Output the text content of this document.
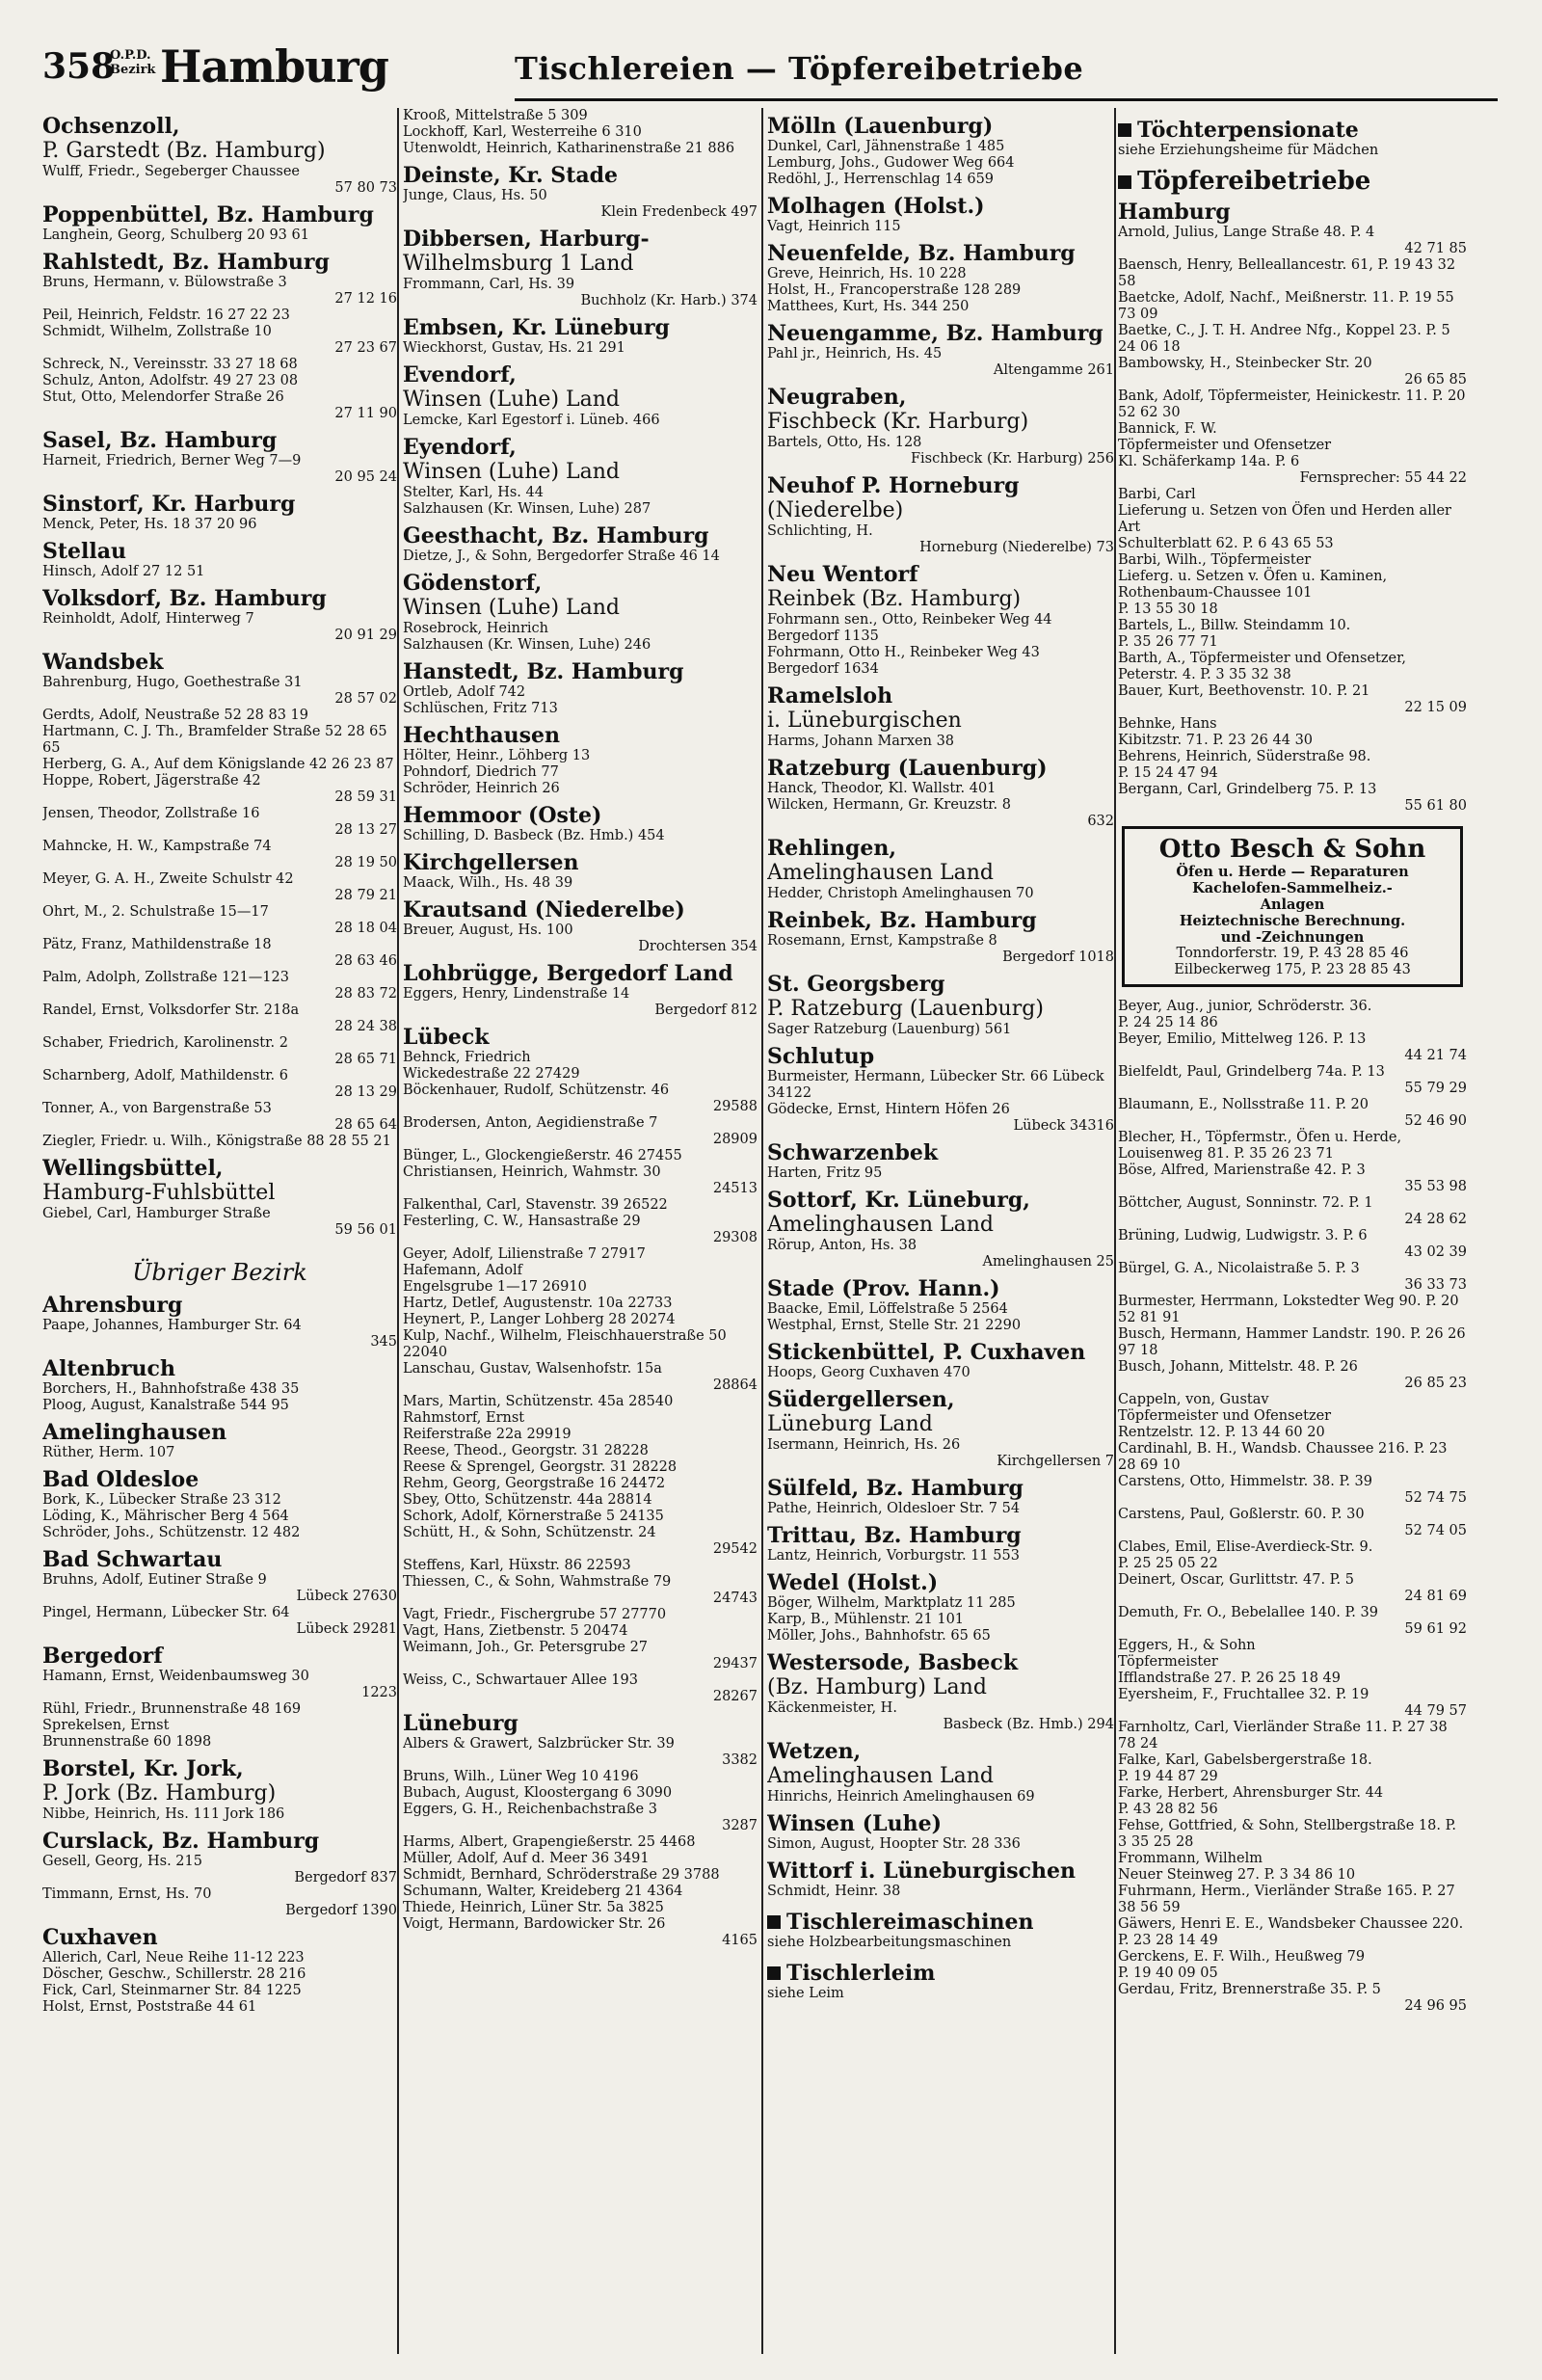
358
O.P.D.
Bezirk Hamburg	Tischlereien — Töpfereibetriebe
Ochsenzoll,
P. Garstedt (Bz. Hamburg)
Wulff, Friedr., Segeberger Chaussee
57 80 73
Poppenbüttel, Bz. Hamburg
Langhein, Georg, Schulberg 20 93 61
Rahlstedt, Bz. Hamburg
Bruns, Hermann, v. Bülowstraße 3
27 12 16
Peil, Heinrich, Feldstr. 16 27 22 23
Schmidt, Wilhelm, Zollstraße 10
27 23 67
Schreck, N., Vereinsstr. 33 27 18 68
Schulz, Anton, Adolfstr. 49 27 23 08
Stut, Otto, Melendorfer Straße 26
27 11 90
Sasel, Bz. Hamburg
Harneit, Friedrich, Berner Weg 7—9
20 95 24
Sinstorf, Kr. Harburg
Menck, Peter, Hs. 18 37 20 96
Stellau
Hinsch, Adolf 27 12 51
Volksdorf, Bz. Hamburg
Reinholdt, Adolf, Hinterweg 7
20 91 29
Wandsbek
Bahrenburg, Hugo, Goethestraße 31
28 57 02
Gerdts, Adolf, Neustraße 52 28 83 19
Hartmann, C. J. Th., Bramfelder Straße 52 28 65 65
Herberg, G. A., Auf dem Königslande 42 26 23 87
Hoppe, Robert, Jägerstraße 42
28 59 31
Jensen, Theodor, Zollstraße 16
28 13 27
Mahncke, H. W., Kampstraße 74
28 19 50
Meyer, G. A. H., Zweite Schulstr 42
28 79 21
Ohrt, M., 2. Schulstraße 15—17
28 18 04
Pätz, Franz, Mathildenstraße 18
28 63 46
Palm, Adolph, Zollstraße 121—123
28 83 72
Randel, Ernst, Volksdorfer Str. 218a
28 24 38
Schaber, Friedrich, Karolinenstr. 2
28 65 71
Scharnberg, Adolf, Mathildenstr. 6
28 13 29
Tonner, A., von Bargenstraße 53
28 65 64
Ziegler, Friedr. u. Wilh., Königstraße 88 28 55 21
Wellingsbüttel,
Hamburg-Fuhlsbüttel
Giebel, Carl, Hamburger Straße
59 56 01
Übriger Bezirk
Ahrensburg
Paape, Johannes, Hamburger Str. 64
345
Altenbruch
Borchers, H., Bahnhofstraße 438 35
Ploog, August, Kanalstraße 544 95
Amelinghausen
Rüther, Herm. 107
Bad Oldesloe
Bork, K., Lübecker Straße 23 312
Löding, K., Mährischer Berg 4 564
Schröder, Johs., Schützenstr. 12 482
Bad Schwartau
Bruhns, Adolf, Eutiner Straße 9
Lübeck 27630
Pingel, Hermann, Lübecker Str. 64
Lübeck 29281
Bergedorf
Hamann, Ernst, Weidenbaumsweg 30
1223
Rühl, Friedr., Brunnenstraße 48 169
Sprekelsen, Ernst
Brunnenstraße 60 1898
Borstel, Kr. Jork,
P. Jork (Bz. Hamburg)
Nibbe, Heinrich, Hs. 111 Jork 186
Curslack, Bz. Hamburg
Gesell, Georg, Hs. 215
Bergedorf 837
Timmann, Ernst, Hs. 70
Bergedorf 1390
Cuxhaven
Allerich, Carl, Neue Reihe 11-12 223
Döscher, Geschw., Schillerstr. 28 216
Fick, Carl, Steinmarner Str. 84 1225
Holst, Ernst, Poststraße 44 61
Krooß, Mittelstraße 5 309
Lockhoff, Karl, Westerreihe 6 310
Utenwoldt, Heinrich, Katharinenstraße 21 886
Deinste, Kr. Stade
Junge, Claus, Hs. 50
Klein Fredenbeck 497
Dibbersen, Harburg-
Wilhelmsburg 1 Land
Frommann, Carl, Hs. 39
Buchholz (Kr. Harb.) 374
Embsen, Kr. Lüneburg
Wieckhorst, Gustav, Hs. 21 291
Evendorf,
Winsen (Luhe) Land
Lemcke, Karl Egestorf i. Lüneb. 466
Eyendorf,
Winsen (Luhe) Land
Stelter, Karl, Hs. 44
Salzhausen (Kr. Winsen, Luhe) 287
Geesthacht, Bz. Hamburg
Dietze, J., & Sohn, Bergedorfer Straße 46 14
Gödenstorf,
Winsen (Luhe) Land
Rosebrock, Heinrich
Salzhausen (Kr. Winsen, Luhe) 246
Hanstedt, Bz. Hamburg
Ortleb, Adolf 742
Schlüschen, Fritz 713
Hechthausen
Hölter, Heinr., Löhberg 13
Pohndorf, Diedrich 77
Schröder, Heinrich 26
Hemmoor (Oste)
Schilling, D. Basbeck (Bz. Hmb.) 454
Kirchgellersen
Maack, Wilh., Hs. 48 39
Krautsand (Niederelbe)
Breuer, August, Hs. 100
Drochtersen 354
Lohbrügge, Bergedorf Land
Eggers, Henry, Lindenstraße 14
Bergedorf 812
Lübeck
Behnck, Friedrich
Wickedestraße 22 27429
Böckenhauer, Rudolf, Schützenstr. 46
29588
Brodersen, Anton, Aegidienstraße 7
28909
Bünger, L., Glockengießerstr. 46 27455
Christiansen, Heinrich, Wahmstr. 30
24513
Falkenthal, Carl, Stavenstr. 39 26522
Festerling, C. W., Hansastraße 29
29308
Geyer, Adolf, Lilienstraße 7 27917
Hafemann, Adolf
Engelsgrube 1—17 26910
Hartz, Detlef, Augustenstr. 10a 22733
Heynert, P., Langer Lohberg 28 20274
Kulp, Nachf., Wilhelm, Fleischhauerstraße 50 22040
Lanschau, Gustav, Walsenhofstr. 15a
28864
Mars, Martin, Schützenstr. 45a 28540
Rahmstorf, Ernst
Reiferstraße 22a 29919
Reese, Theod., Georgstr. 31 28228
Reese & Sprengel, Georgstr. 31 28228
Rehm, Georg, Georgstraße 16 24472
Sbey, Otto, Schützenstr. 44a 28814
Schork, Adolf, Körnerstraße 5 24135
Schütt, H., & Sohn, Schützenstr. 24
29542
Steffens, Karl, Hüxstr. 86 22593
Thiessen, C., & Sohn, Wahmstraße 79
24743
Vagt, Friedr., Fischergrube 57 27770
Vagt, Hans, Zietbenstr. 5 20474
Weimann, Joh., Gr. Petersgrube 27
29437
Weiss, C., Schwartauer Allee 193
28267
Lüneburg
Albers & Grawert, Salzbrücker Str. 39
3382
Bruns, Wilh., Lüner Weg 10 4196
Bubach, August, Kloostergang 6 3090
Eggers, G. H., Reichenbachstraße 3
3287
Harms, Albert, Grapengießerstr. 25 4468
Müller, Adolf, Auf d. Meer 36 3491
Schmidt, Bernhard, Schröderstraße 29 3788
Schumann, Walter, Kreideberg 21 4364
Thiede, Heinrich, Lüner Str. 5a 3825
Voigt, Hermann, Bardowicker Str. 26
4165
Mölln (Lauenburg)
Dunkel, Carl, Jähnenstraße 1 485
Lemburg, Johs., Gudower Weg 664
Redöhl, J., Herrenschlag 14 659
Molhagen (Holst.)
Vagt, Heinrich 115
Neuenfelde, Bz. Hamburg
Greve, Heinrich, Hs. 10 228
Holst, H., Francoperstraße 128 289
Matthees, Kurt, Hs. 344 250
Neuengamme, Bz. Hamburg
Pahl jr., Heinrich, Hs. 45
Altengamme 261
Neugraben,
Fischbeck (Kr. Harburg)
Bartels, Otto, Hs. 128
Fischbeck (Kr. Harburg) 256
Neuhof P. Horneburg
(Niederelbe)
Schlichting, H.
Horneburg (Niederelbe) 73
Neu Wentorf
Reinbek (Bz. Hamburg)
Fohrmann sen., Otto, Reinbeker Weg 44 Bergedorf 1135
Fohrmann, Otto H., Reinbeker Weg 43 Bergedorf 1634
Ramelsloh
i. Lüneburgischen
Harms, Johann Marxen 38
Ratzeburg (Lauenburg)
Hanck, Theodor, Kl. Wallstr. 401
Wilcken, Hermann, Gr. Kreuzstr. 8
632
Rehlingen,
Amelinghausen Land
Hedder, Christoph Amelinghausen 70
Reinbek, Bz. Hamburg
Rosemann, Ernst, Kampstraße 8
Bergedorf 1018
St. Georgsberg
P. Ratzeburg (Lauenburg)
Sager Ratzeburg (Lauenburg) 561
Schlutup
Burmeister, Hermann, Lübecker Str. 66 Lübeck 34122
Gödecke, Ernst, Hintern Höfen 26
Lübeck 34316
Schwarzenbek
Harten, Fritz 95
Sottorf, Kr. Lüneburg,
Amelinghausen Land
Rörup, Anton, Hs. 38
Amelinghausen 25
Stade (Prov. Hann.)
Baacke, Emil, Löffelstraße 5 2564
Westphal, Ernst, Stelle Str. 21 2290
Stickenbüttel, P. Cuxhaven
Hoops, Georg Cuxhaven 470
Südergellersen,
Lüneburg Land
Isermann, Heinrich, Hs. 26
Kirchgellersen 7
Sülfeld, Bz. Hamburg
Pathe, Heinrich, Oldesloer Str. 7 54
Trittau, Bz. Hamburg
Lantz, Heinrich, Vorburgstr. 11 553
Wedel (Holst.)
Böger, Wilhelm, Marktplatz 11 285
Karp, B., Mühlenstr. 21 101
Möller, Johs., Bahnhofstr. 65 65
Westersode, Basbeck
(Bz. Hamburg) Land
Käckenmeister, H.
Basbeck (Bz. Hmb.) 294
Wetzen,
Amelinghausen Land
Hinrichs, Heinrich Amelinghausen 69
Winsen (Luhe)
Simon, August, Hoopter Str. 28 336
Wittorf i. Lüneburgischen
Schmidt, Heinr. 38
Tischlereimaschinen
siehe Holzbearbeitungsmaschinen
Tischlerleim
siehe Leim
Töchterpensionate
siehe Erziehungsheime für Mädchen
Töpfereibetriebe
Hamburg
Arnold, Julius, Lange Straße 48. P. 4
42 71 85
Baensch, Henry, Belleallancestr. 61, P. 19 43 32 58
Baetcke, Adolf, Nachf., Meißnerstr. 11. P. 19 55 73 09
Baetke, C., J. T. H. Andree Nfg., Koppel 23. P. 5 24 06 18
Bambowsky, H., Steinbecker Str. 20
26 65 85
Bank, Adolf, Töpfermeister, Heinickestr. 11. P. 20 52 62 30
Bannick, F. W.
Töpfermeister und Ofensetzer
Kl. Schäferkamp 14a. P. 6
Fernsprecher: 55 44 22
Barbi, Carl
Lieferung u. Setzen von Öfen und Herden aller Art
Schulterblatt 62. P. 6 43 65 53
Barbi, Wilh., Töpfermeister
Lieferg. u. Setzen v. Öfen u. Kaminen, Rothenbaum-Chaussee 101
P. 13 55 30 18
Bartels, L., Billw. Steindamm 10.
P. 35 26 77 71
Barth, A., Töpfermeister und Ofensetzer, Peterstr. 4. P. 3 35 32 38
Bauer, Kurt, Beethovenstr. 10. P. 21
22 15 09
Behnke, Hans
Kibitzstr. 71. P. 23 26 44 30
Behrens, Heinrich, Süderstraße 98.
P. 15 24 47 94
Bergann, Carl, Grindelberg 75. P. 13
55 61 80
Otto Besch & Sohn
Öfen u. Herde — Reparaturen
Kachelofen-Sammelheiz.-
Anlagen
Heiztechnische Berechnung.
und -Zeichnungen
Tonndorferstr. 19, P. 43 28 85 46
Eilbeckerweg 175, P. 23 28 85 43
Beyer, Aug., junior, Schröderstr. 36.
P. 24 25 14 86
Beyer, Emilio, Mittelweg 126. P. 13
44 21 74
Bielfeldt, Paul, Grindelberg 74a. P. 13
55 79 29
Blaumann, E., Nollsstraße 11. P. 20
52 46 90
Blecher, H., Töpfermstr., Öfen u. Herde, Louisenweg 81. P. 35 26 23 71
Böse, Alfred, Marienstraße 42. P. 3
35 53 98
Böttcher, August, Sonninstr. 72. P. 1
24 28 62
Brüning, Ludwig, Ludwigstr. 3. P. 6
43 02 39
Bürgel, G. A., Nicolaistraße 5. P. 3
36 33 73
Burmester, Herrmann, Lokstedter Weg 90. P. 20 52 81 91
Busch, Hermann, Hammer Landstr. 190. P. 26 26 97 18
Busch, Johann, Mittelstr. 48. P. 26
26 85 23
Cappeln, von, Gustav
Töpfermeister und Ofensetzer
Rentzelstr. 12. P. 13 44 60 20
Cardinahl, B. H., Wandsb. Chaussee 216. P. 23 28 69 10
Carstens, Otto, Himmelstr. 38. P. 39
52 74 75
Carstens, Paul, Goßlerstr. 60. P. 30
52 74 05
Clabes, Emil, Elise-Averdieck-Str. 9.
P. 25 25 05 22
Deinert, Oscar, Gurlittstr. 47. P. 5
24 81 69
Demuth, Fr. O., Bebelallee 140. P. 39
59 61 92
Eggers, H., & Sohn
Töpfermeister
Ifflandstraße 27. P. 26 25 18 49
Eyersheim, F., Fruchtallee 32. P. 19
44 79 57
Farnholtz, Carl, Vierländer Straße 11. P. 27 38 78 24
Falke, Karl, Gabelsbergerstraße 18.
P. 19 44 87 29
Farke, Herbert, Ahrensburger Str. 44
P. 43 28 82 56
Fehse, Gottfried, & Sohn, Stellbergstraße 18. P. 3 35 25 28
Frommann, Wilhelm
Neuer Steinweg 27. P. 3 34 86 10
Fuhrmann, Herm., Vierländer Straße 165. P. 27 38 56 59
Gäwers, Henri E. E., Wandsbeker Chaussee 220. P. 23 28 14 49
Gerckens, E. F. Wilh., Heußweg 79
P. 19 40 09 05
Gerdau, Fritz, Brennerstraße 35. P. 5
24 96 95
